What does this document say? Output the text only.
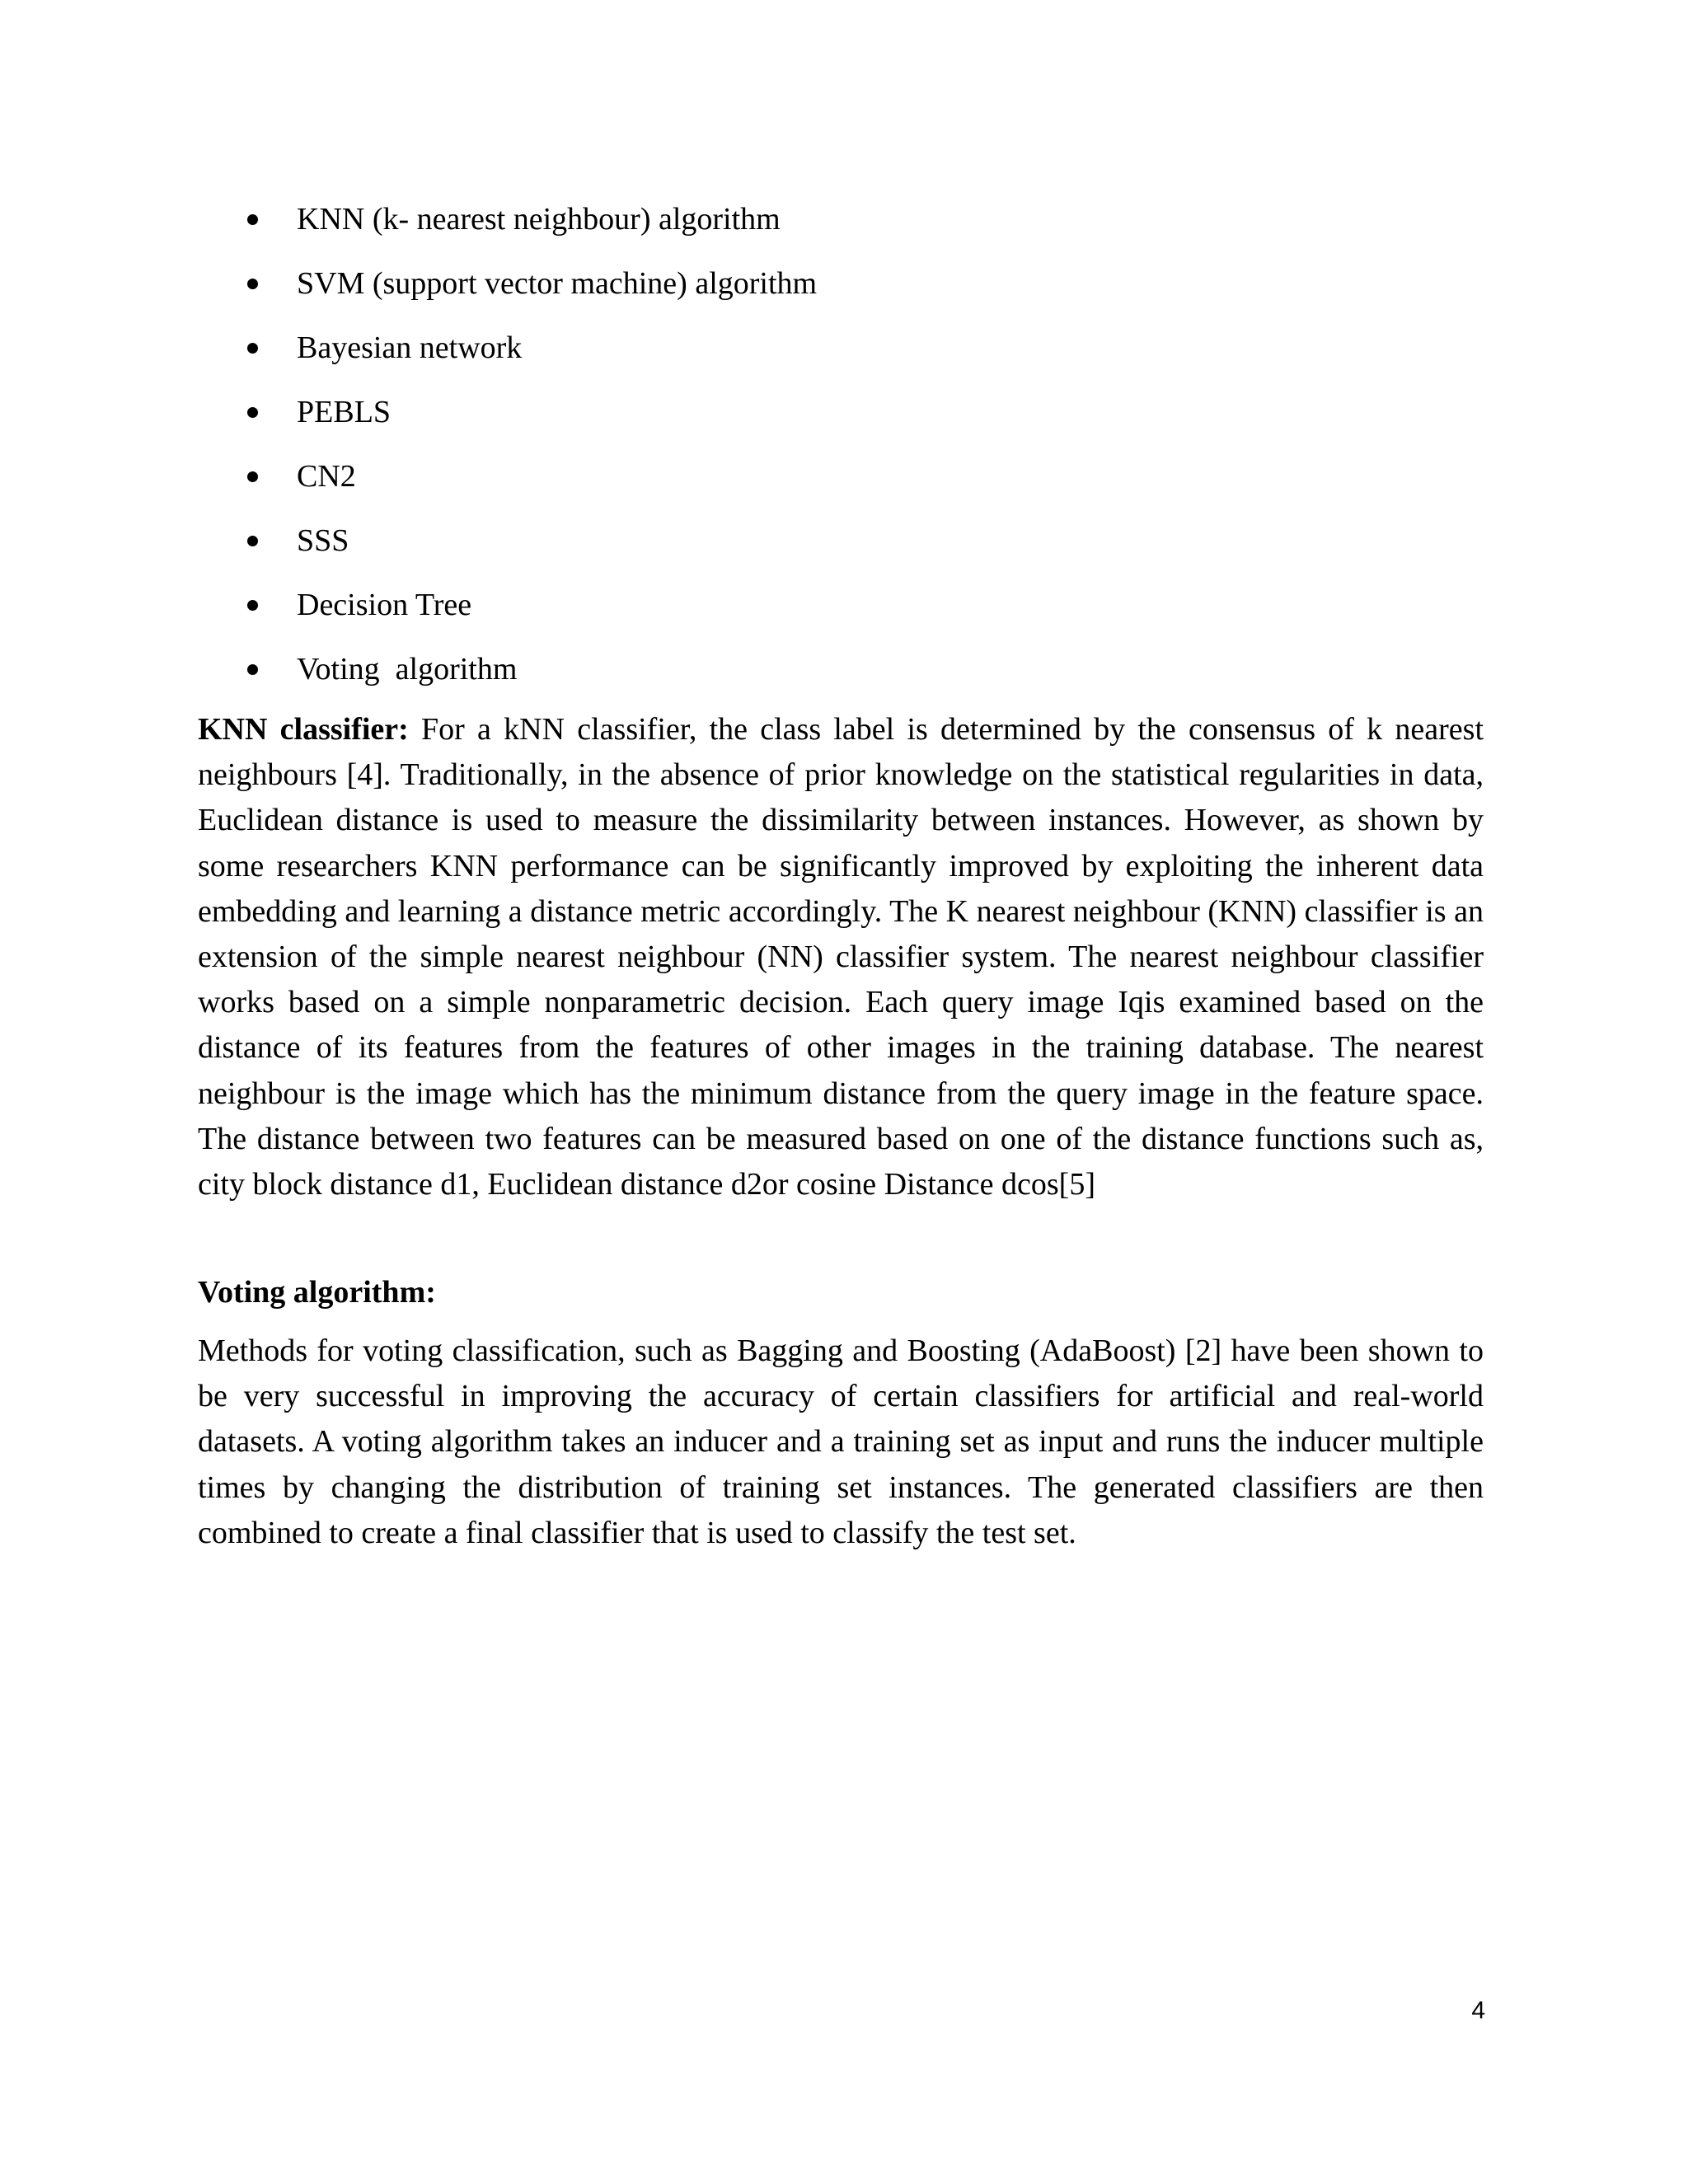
KNN (k- nearest neighbour) algorithm
SVM (support vector machine) algorithm
Bayesian network
PEBLS
CN2
SSS
Decision Tree
Voting  algorithm

KNN classifier: For a kNN classifier, the class label is determined by the consensus of k nearest neighbours [4]. Traditionally, in the absence of prior knowledge on the statistical regularities in data, Euclidean distance is used to measure the dissimilarity between instances. However, as shown by some researchers KNN performance can be significantly improved by exploiting the inherent data embedding and learning a distance metric accordingly. The K nearest neighbour (KNN) classifier is an extension of the simple nearest neighbour (NN) classifier system. The nearest neighbour classifier works based on a simple nonparametric decision. Each query image Iqis examined based on the distance of its features from the features of other images in the training database. The nearest neighbour is the image which has the minimum distance from the query image in the feature space. The distance between two features can be measured based on one of the distance functions such as, city block distance d1, Euclidean distance d2or cosine Distance dcos[5]

Voting algorithm:

Methods for voting classification, such as Bagging and Boosting (AdaBoost) [2] have been shown to be very successful in improving the accuracy of certain classifiers for artificial and real-world datasets. A voting algorithm takes an inducer and a training set as input and runs the inducer multiple times by changing the distribution of training set instances. The generated classifiers are then combined to create a final classifier that is used to classify the test set.

4
